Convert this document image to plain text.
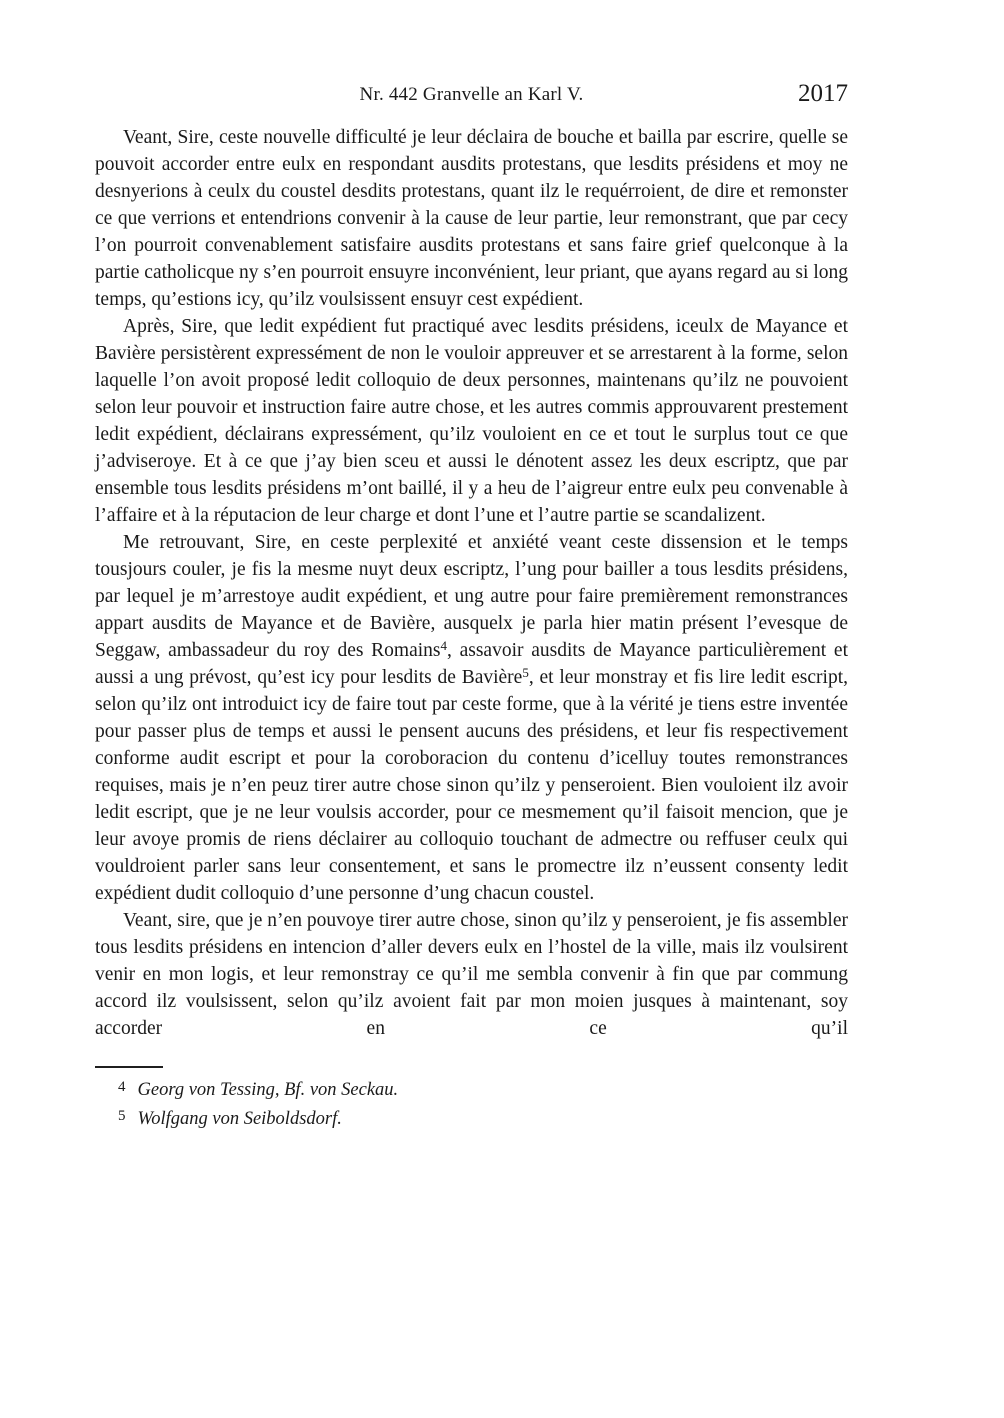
Nr. 442 Granvelle an Karl V.	2017

Veant, Sire, ceste nouvelle difficulté je leur déclaira de bouche et bailla par escrire, quelle se pouvoit accorder entre eulx en respondant ausdits protestans, que lesdits présidens et moy ne desnyerions à ceulx du coustel desdits protestans, quant ilz le requérroient, de dire et remonster ce que verrions et entendrions convenir à la cause de leur partie, leur remonstrant, que par cecy l’on pourroit convenablement satisfaire ausdits protestans et sans faire grief quelconque à la partie catholicque ny s’en pourroit ensuyre inconvénient, leur priant, que ayans regard au si long temps, qu’estions icy, qu’ilz voulsissent ensuyr cest expédient.

Après, Sire, que ledit expédient fut practiqué avec lesdits présidens, iceulx de Mayance et Bavière persistèrent expressément de non le vouloir appreuver et se arrestarent à la forme, selon laquelle l’on avoit proposé ledit colloquio de deux personnes, maintenans qu’ilz ne pouvoient selon leur pouvoir et instruction faire autre chose, et les autres commis approuvarent prestement ledit expédient, déclairans expressément, qu’ilz vouloient en ce et tout le surplus tout ce que j’adviseroye. Et à ce que j’ay bien sceu et aussi le dénotent assez les deux escriptz, que par ensemble tous lesdits présidens m’ont baillé, il y a heu de l’aigreur entre eulx peu convenable à l’affaire et à la réputacion de leur charge et dont l’une et l’autre partie se scandalizent.

Me retrouvant, Sire, en ceste perplexité et anxiété veant ceste dissension et le temps tousjours couler, je fis la mesme nuyt deux escriptz, l’ung pour bailler a tous lesdits présidens, par lequel je m’arrestoye audit expédient, et ung autre pour faire premièrement remonstrances appart ausdits de Mayance et de Bavière, ausquelx je parla hier matin présent l’evesque de Seggaw, ambassadeur du roy des Romains$^4$, assavoir ausdits de Mayance particulièrement et aussi a ung prévost, qu’est icy pour lesdits de Bavière$^5$, et leur monstray et fis lire ledit escript, selon qu’ilz ont introduict icy de faire tout par ceste forme, que à la vérité je tiens estre inventée pour passer plus de temps et aussi le pensent aucuns des présidens, et leur fis respectivement conforme audit escript et pour la coroboracion du contenu d’icelluy toutes remonstrances requises, mais je n’en peuz tirer autre chose sinon qu’ilz y penseroient. Bien vouloient ilz avoir ledit escript, que je ne leur voulsis accorder, pour ce mesmement qu’il faisoit mencion, que je leur avoye promis de riens déclairer au colloquio touchant de admectre ou reffuser ceulx qui vouldroient parler sans leur consentement, et sans le promectre ilz n’eussent consenty ledit expédient dudit colloquio d’une personne d’ung chacun coustel.

Veant, sire, que je n’en pouvoye tirer autre chose, sinon qu’ilz y penseroient, je fis assembler tous lesdits présidens en intencion d’aller devers eulx en l’hostel de la ville, mais ilz voulsirent venir en mon logis, et leur remonstray ce qu’il me sembla convenir à fin que par commung accord ilz voulsissent, selon qu’ilz avoient fait par mon moien jusques à maintenant, soy accorder en ce qu’il

$^4$ Georg von Tessing, Bf. von Seckau.
$^5$ Wolfgang von Seiboldsdorf.
